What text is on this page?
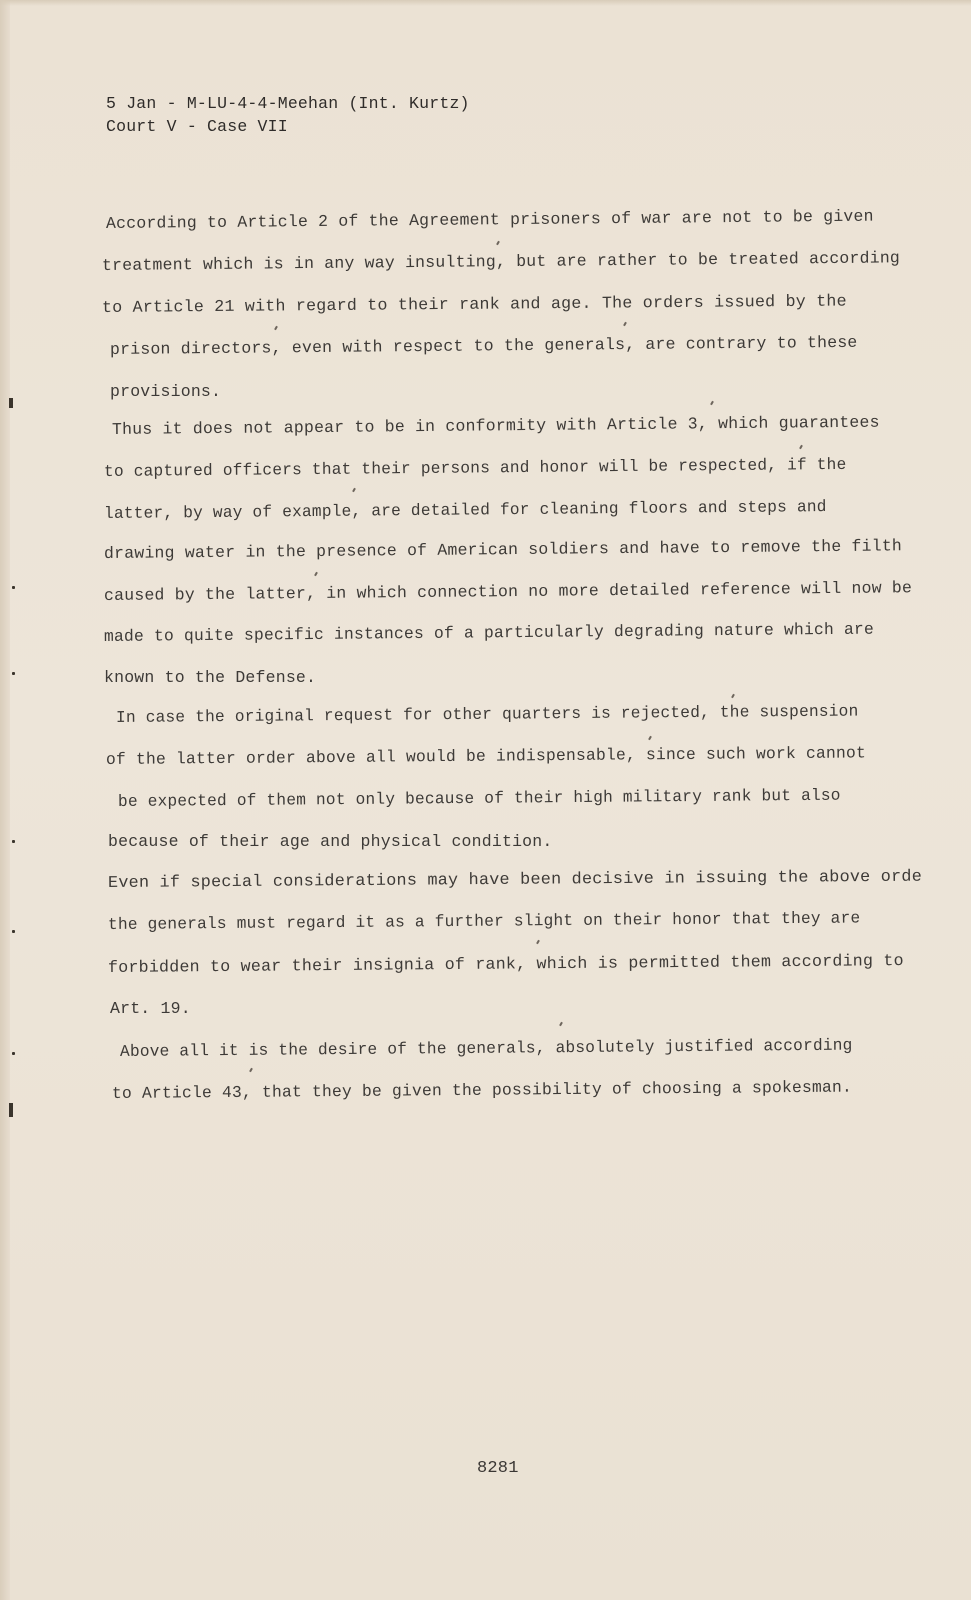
5 Jan - M-LU-4-4-Meehan (Int. Kurtz)
Court V - Case VII
According to Article 2 of the Agreement prisoners of war are not to be given
treatment which is in any way insulting, but are rather to be treated according
to Article 21 with regard to their rank and age. The orders issued by the
prison directors, even with respect to the generals, are contrary to these
provisions.
Thus it does not appear to be in conformity with Article 3, which guarantees
to captured officers that their persons and honor will be respected, if the
latter, by way of example, are detailed for cleaning floors and steps and
drawing water in the presence of American soldiers and have to remove the filth
caused by the latter, in which connection no more detailed reference will now be
made to quite specific instances of a particularly degrading nature which are
known to the Defense.
In case the original request for other quarters is rejected, the suspension
of the latter order above all would be indispensable, since such work cannot
be expected of them not only because of their high military rank but also
because of their age and physical condition.
Even if special considerations may have been decisive in issuing the above orde
the generals must regard it as a further slight on their honor that they are
forbidden to wear their insignia of rank, which is permitted them according to
Art. 19.
Above all it is the desire of the generals, absolutely justified according
to Article 43, that they be given the possibility of choosing a spokesman.
8281
